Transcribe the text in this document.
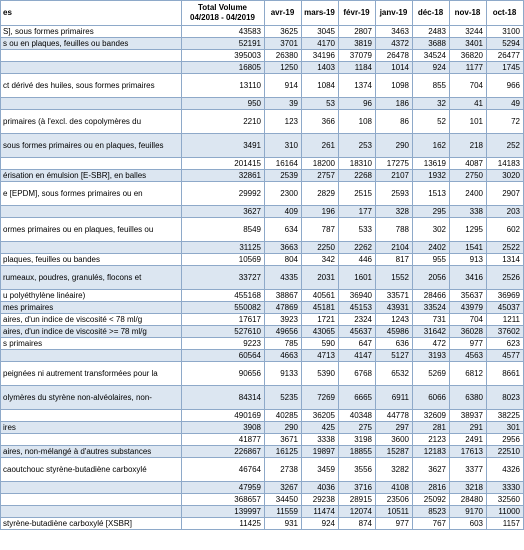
es	Total Volume
04/2018 - 04/2019	avr-19	mars-19	févr-19	janv-19	déc-18	nov-18	oct-18
S], sous formes primaires	43583	3625	3045	2807	3463	2483	3244	3100
s ou en plaques, feuilles ou bandes	52191	3701	4170	3819	4372	3688	3401	5294
	395003	26380	34196	37079	26478	34524	36820	26477
	16805	1250	1403	1184	1014	924	1177	1745
ct dérivé des huiles, sous formes primaires	13110	914	1084	1374	1098	855	704	966
	950	39	53	96	186	32	41	49
primaires (à l'excl. des copolymères du	2210	123	366	108	86	52	101	72
sous formes primaires ou en plaques, feuilles	3491	310	261	253	290	162	218	252
	201415	16164	18200	18310	17275	13619	4087	14183
érisation en émulsion [E-SBR], en balles	32861	2539	2757	2268	2107	1932	2750	3020
e [EPDM], sous formes primaires ou en	29992	2300	2829	2515	2593	1513	2400	2907
	3627	409	196	177	328	295	338	203
ormes primaires ou en plaques, feuilles ou	8549	634	787	533	788	302	1295	602
	31125	3663	2250	2262	2104	2402	1541	2522
plaques, feuilles ou bandes	10569	804	342	446	817	955	913	1314
rumeaux, poudres, granulés, flocons et	33727	4335	2031	1601	1552	2056	3416	2526
u polyéthylène linéaire)	455168	38867	40561	36940	33571	28466	35637	36969
mes primaires	550082	47869	45181	45153	43931	33524	43979	45037
aires, d'un indice de viscosité < 78 ml/g	17617	3923	1721	2324	1243	731	704	1211
aires, d'un indice de viscosité >= 78 ml/g	527610	49656	43065	45637	45986	31642	36028	37602
s primaires	9223	785	590	647	636	472	977	623
	60564	4663	4713	4147	5127	3193	4563	4577
peignées ni autrement transformées pour la	90656	9133	5390	6768	6532	5269	6812	8661
olymères du styrène non-alvéolaires, non-	84314	5235	7269	6665	6911	6066	6380	8023
	490169	40285	36205	40348	44778	32609	38937	38225
ires	3908	290	425	275	297	281	291	301
	41877	3671	3338	3198	3600	2123	2491	2956
aires, non-mélangé à d'autres substances	226867	16125	19897	18855	15287	12183	17613	22510
caoutchouc styrène-butadiène carboxylé	46764	2738	3459	3556	3282	3627	3377	4326
	47959	3267	4036	3716	4108	2816	3218	3330
	368657	34450	29238	28915	23506	25092	28480	32560
	139997	11559	11474	12074	10511	8523	9170	11000
styrène-butadiène carboxylé [XSBR]	11425	931	924	874	977	767	603	1157
